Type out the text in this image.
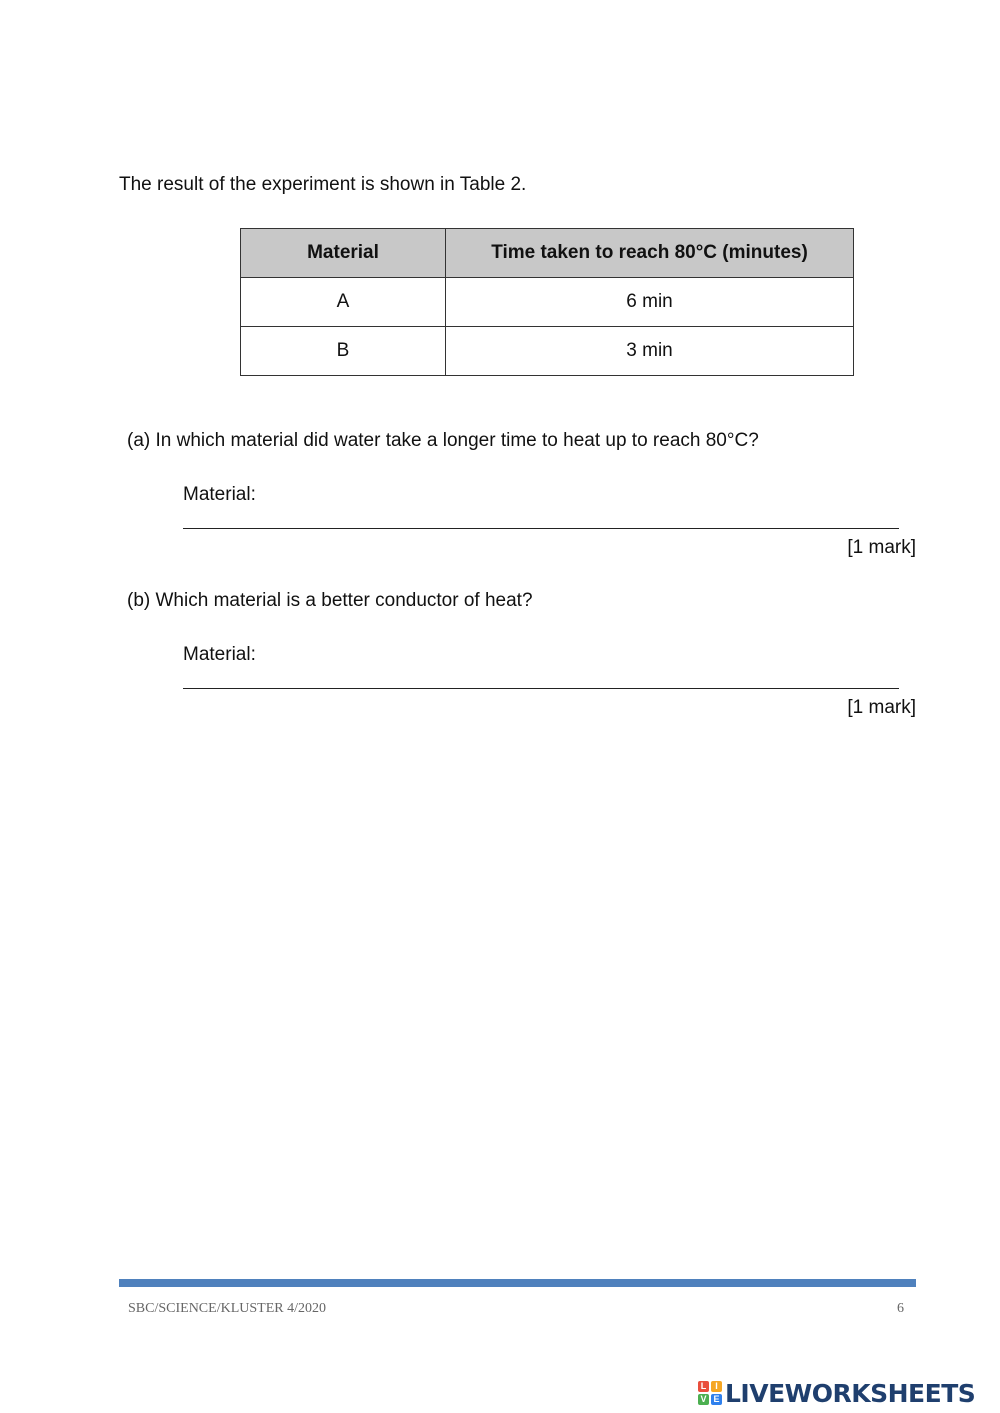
The result of the experiment is shown in Table 2.
Material	Time taken to reach 80°C (minutes)
A	6 min
B	3 min
(a) In which material did water take a longer time to heat up to reach 80°C?
Material:
[1 mark]
(b) Which material is a better conductor of heat?
Material:
[1 mark]
SBC/SCIENCE/KLUSTER 4/2020	6
L I
V E LIVEWORKSHEETS
